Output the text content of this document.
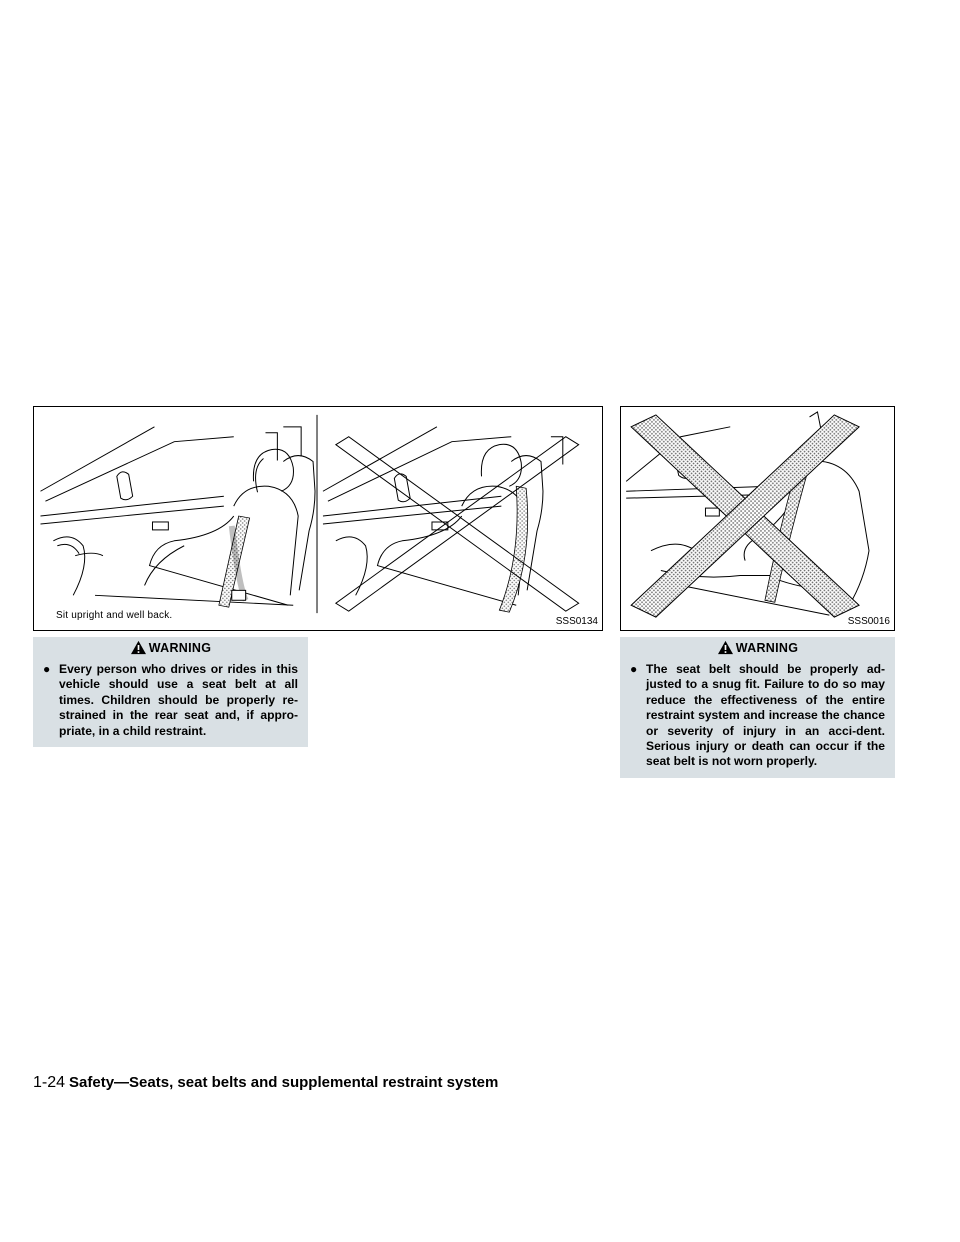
Sit upright and well back.
SSS0134	SSS0016
WARNING
● Every person who drives or rides in this vehicle should use a seat belt at all times. Children should be properly re-strained in the rear seat and, if appro-priate, in a child restraint.
WARNING
● The seat belt should be properly ad-justed to a snug fit. Failure to do so may reduce the effectiveness of the entire restraint system and increase the chance or severity of injury in an acci-dent. Serious injury or death can occur if the seat belt is not worn properly.
1-24 Safety—Seats, seat belts and supplemental restraint system
